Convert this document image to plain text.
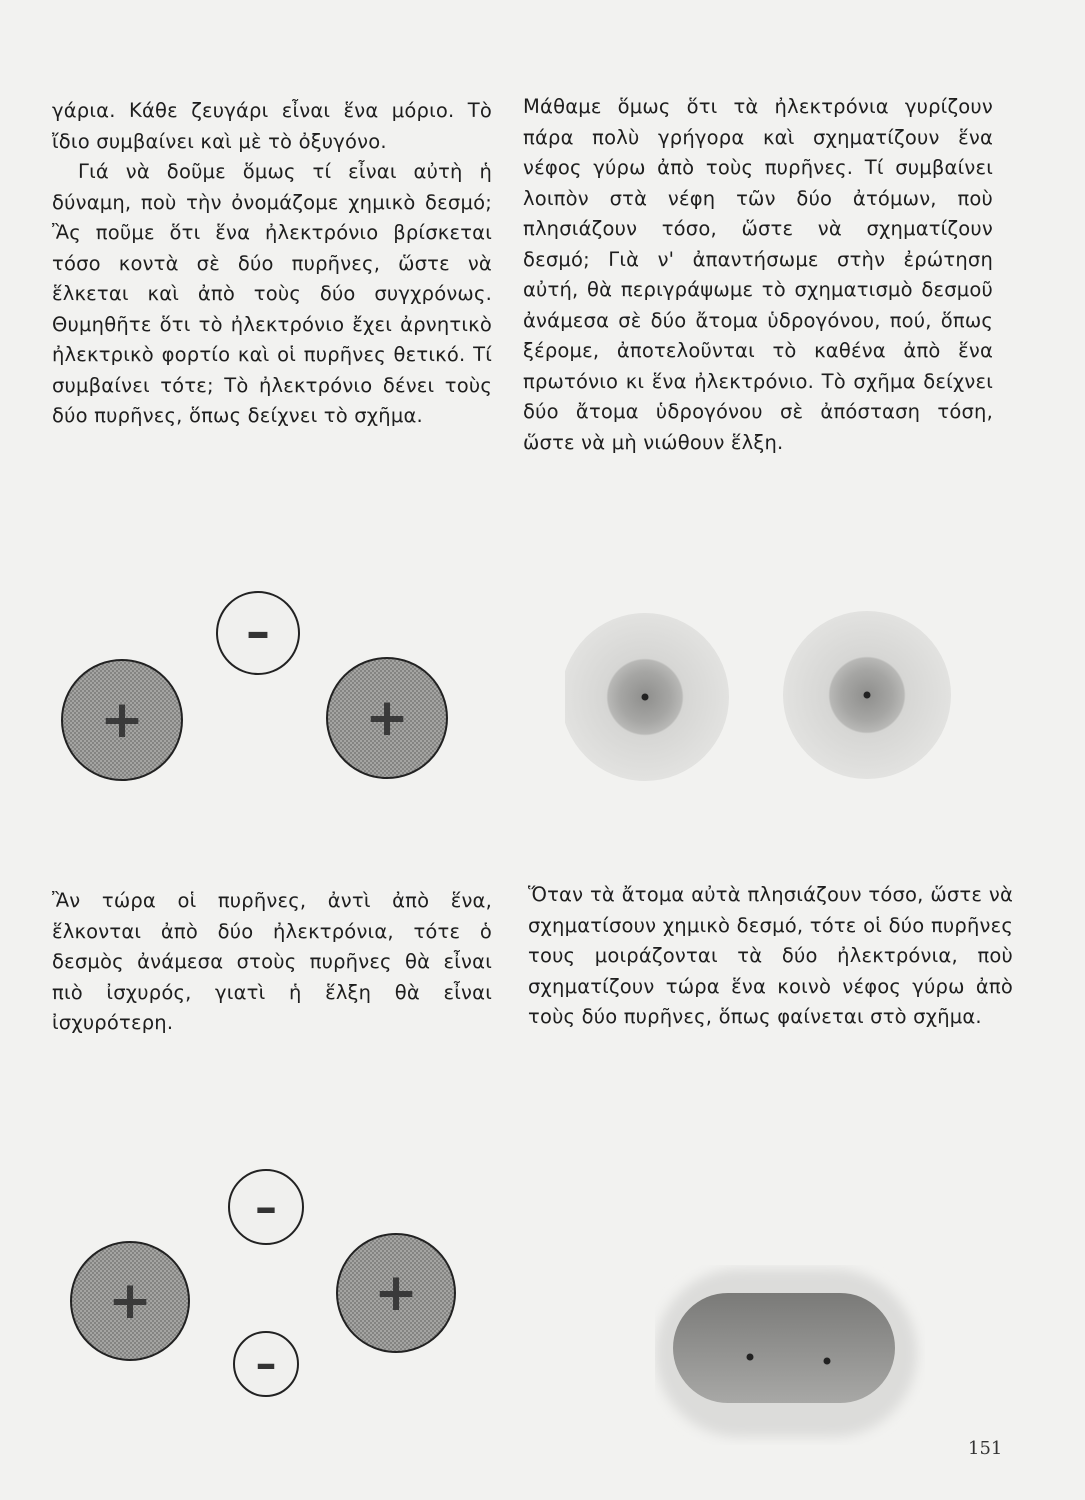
γάρια. Κάθε ζευγάρι εἶναι ἕνα μόριο. Τὸ ἴδιο συμβαίνει καὶ μὲ τὸ ὀξυγόνο.

Γιά νὰ δοῦμε ὅμως τί εἶναι αὐτὴ ἡ δύναμη, ποὺ τὴν ὀνομάζομε χημικὸ δεσμό; Ἂς ποῦμε ὅτι ἕνα ἠλεκτρόνιο βρίσκεται τόσο κοντὰ σὲ δύο πυρῆνες, ὥστε νὰ ἕλκεται καὶ ἀπὸ τοὺς δύο συγχρόνως. Θυμηθῆτε ὅτι τὸ ἠλεκτρόνιο ἔχει ἀρνητικὸ ἠλεκτρικὸ φορτίο καὶ οἱ πυρῆνες θετικό. Τί συμβαίνει τότε; Τὸ ἠλεκτρόνιο δένει τοὺς δύο πυρῆνες, ὅπως δείχνει τὸ σχῆμα.

Μάθαμε ὅμως ὅτι τὰ ἠλεκτρόνια γυρίζουν πάρα πολὺ γρήγορα καὶ σχηματίζουν ἕνα νέφος γύρω ἀπὸ τοὺς πυρῆνες. Τί συμβαίνει λοιπὸν στὰ νέφη τῶν δύο ἀτόμων, ποὺ πλησιάζουν τόσο, ὥστε νὰ σχηματίζουν δεσμό; Γιὰ ν' ἀπαντήσωμε στὴν ἐρώτηση αὐτή, θὰ περιγράψωμε τὸ σχηματισμὸ δεσμοῦ ἀνάμεσα σὲ δύο ἄτομα ὑδρογόνου, πού, ὅπως ξέρομε, ἀποτελοῦνται τὸ καθένα ἀπὸ ἕνα πρωτόνιο κι ἕνα ἠλεκτρόνιο. Τὸ σχῆμα δείχνει δύο ἄτομα ὑδρογόνου σὲ ἀπόσταση τόση, ὥστε νὰ μὴ νιώθουν ἕλξη.

Ἂν τώρα οἱ πυρῆνες, ἀντὶ ἀπὸ ἕνα, ἕλκονται ἀπὸ δύο ἠλεκτρόνια, τότε ὁ δεσμὸς ἀνάμεσα στοὺς πυρῆνες θὰ εἶναι πιὸ ἰσχυρός, γιατὶ ἡ ἕλξη θὰ εἶναι ἰσχυρότερη.

Ὅταν τὰ ἄτομα αὐτὰ πλησιάζουν τόσο, ὥστε νὰ σχηματίσουν χημικὸ δεσμό, τότε οἱ δύο πυρῆνες τους μοιράζονται τὰ δύο ἠλεκτρόνια, ποὺ σχηματίζουν τώρα ἕνα κοινὸ νέφος γύρω ἀπὸ τοὺς δύο πυρῆνες, ὅπως φαίνεται στὸ σχῆμα.

+
–
+
–
+	+
–
151
